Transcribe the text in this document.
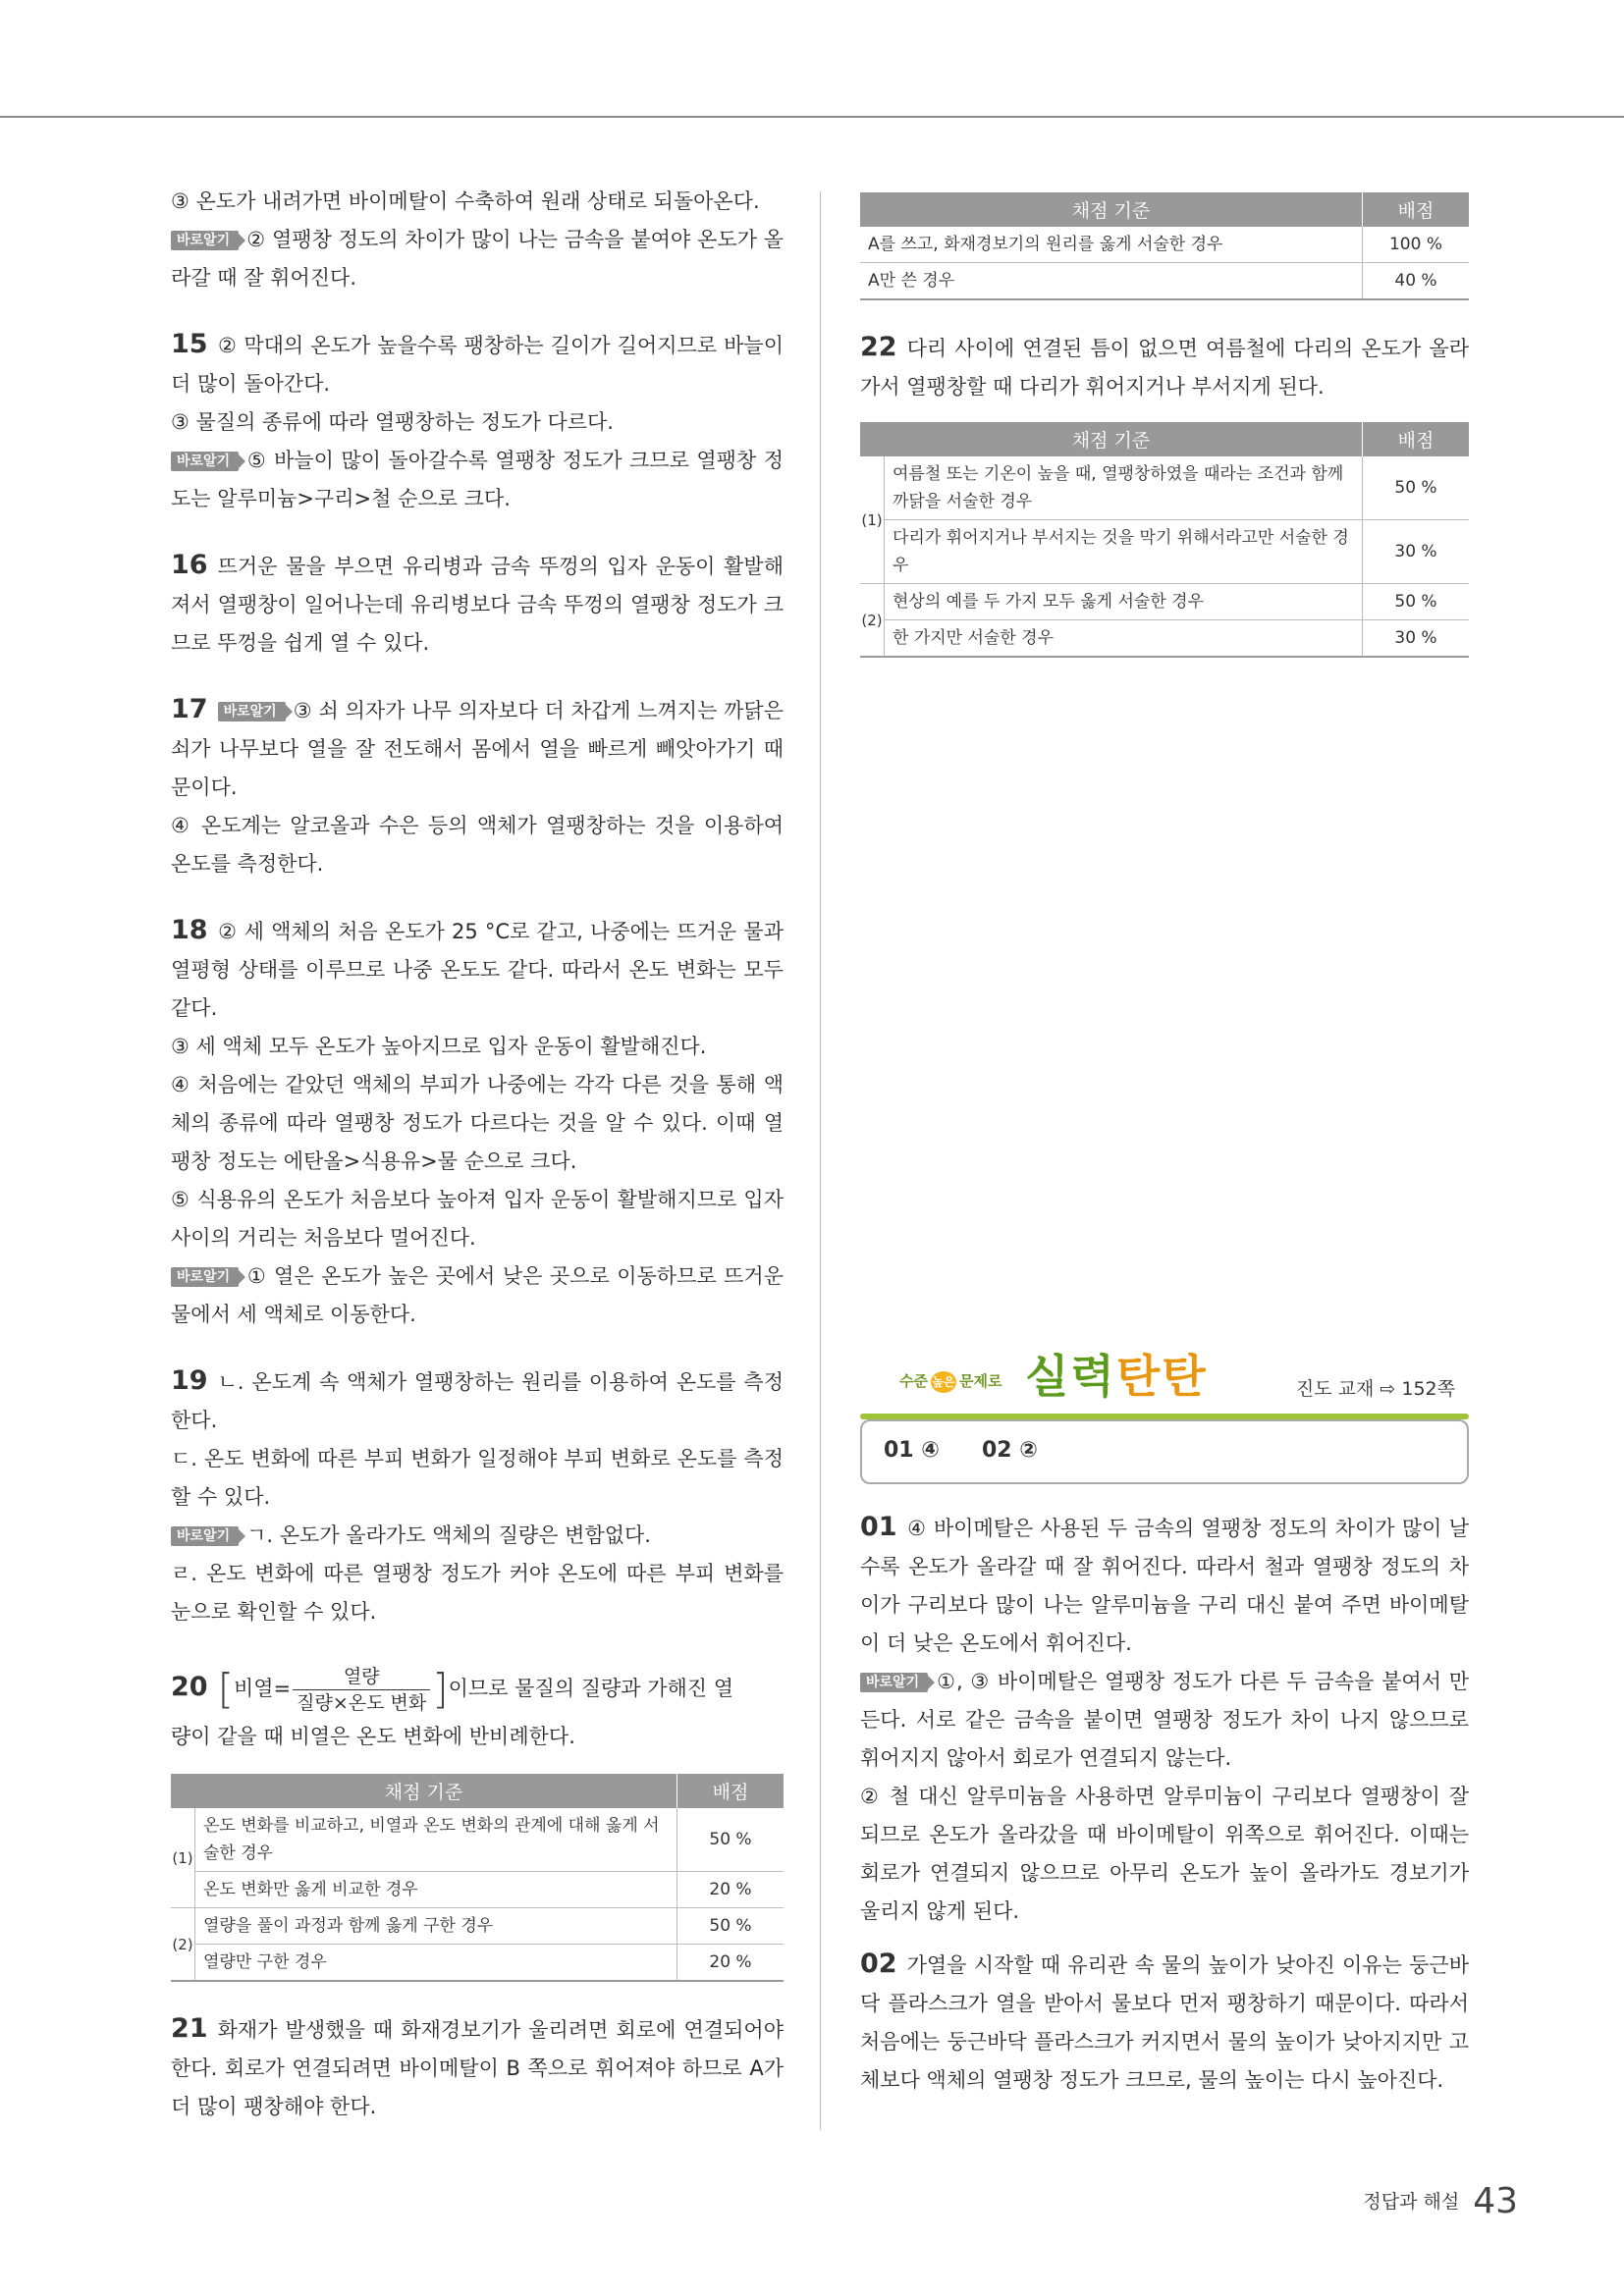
③ 온도가 내려가면 바이메탈이 수축하여 원래 상태로 되돌아온다.

바로알기 ② 열팽창 정도의 차이가 많이 나는 금속을 붙여야 온도가 올라갈 때 잘 휘어진다.

15 ② 막대의 온도가 높을수록 팽창하는 길이가 길어지므로 바늘이 더 많이 돌아간다.

③ 물질의 종류에 따라 열팽창하는 정도가 다르다.

바로알기 ⑤ 바늘이 많이 돌아갈수록 열팽창 정도가 크므로 열팽창 정도는 알루미늄>구리>철 순으로 크다.

16 뜨거운 물을 부으면 유리병과 금속 뚜껑의 입자 운동이 활발해져서 열팽창이 일어나는데 유리병보다 금속 뚜껑의 열팽창 정도가 크므로 뚜껑을 쉽게 열 수 있다.

17 바로알기 ③ 쇠 의자가 나무 의자보다 더 차갑게 느껴지는 까닭은 쇠가 나무보다 열을 잘 전도해서 몸에서 열을 빠르게 빼앗아가기 때문이다.

④ 온도계는 알코올과 수은 등의 액체가 열팽창하는 것을 이용하여 온도를 측정한다.

18 ② 세 액체의 처음 온도가 25 °C로 같고, 나중에는 뜨거운 물과 열평형 상태를 이루므로 나중 온도도 같다. 따라서 온도 변화는 모두 같다.

③ 세 액체 모두 온도가 높아지므로 입자 운동이 활발해진다.

④ 처음에는 같았던 액체의 부피가 나중에는 각각 다른 것을 통해 액체의 종류에 따라 열팽창 정도가 다르다는 것을 알 수 있다. 이때 열팽창 정도는 에탄올>식용유>물 순으로 크다.

⑤ 식용유의 온도가 처음보다 높아져 입자 운동이 활발해지므로 입자 사이의 거리는 처음보다 멀어진다.

바로알기 ① 열은 온도가 높은 곳에서 낮은 곳으로 이동하므로 뜨거운 물에서 세 액체로 이동한다.

19 ㄴ. 온도계 속 액체가 열팽창하는 원리를 이용하여 온도를 측정한다.

ㄷ. 온도 변화에 따른 부피 변화가 일정해야 부피 변화로 온도를 측정할 수 있다.

바로알기 ㄱ. 온도가 올라가도 액체의 질량은 변함없다.

ㄹ. 온도 변화에 따른 열팽창 정도가 커야 온도에 따른 부피 변화를 눈으로 확인할 수 있다.

20 [비열= $\frac{\text{열량}}{\text{질량×온도 변화}}$ ]이므로 물질의 질량과 가해진 열

량이 같을 때 비열은 온도 변화에 반비례한다.

채점 기준		배점
(1)	온도 변화를 비교하고, 비열과 온도 변화의 관계에 대해 옳게 서술한 경우	50 %
	온도 변화만 옳게 비교한 경우	20 %
(2)	열량을 풀이 과정과 함께 옳게 구한 경우	50 %
	열량만 구한 경우	20 %

21 화재가 발생했을 때 화재경보기가 울리려면 회로에 연결되어야 한다. 회로가 연결되려면 바이메탈이 B 쪽으로 휘어져야 하므로 A가 더 많이 팽창해야 한다.

채점 기준	배점
A를 쓰고, 화재경보기의 원리를 옳게 서술한 경우	100 %
A만 쓴 경우	40 %

22 다리 사이에 연결된 틈이 없으면 여름철에 다리의 온도가 올라가서 열팽창할 때 다리가 휘어지거나 부서지게 된다.

채점 기준		배점
(1)	여름철 또는 기온이 높을 때, 열팽창하였을 때라는 조건과 함께 까닭을 서술한 경우	50 %
	다리가 휘어지거나 부서지는 것을 막기 위해서라고만 서술한 경우	30 %
(2)	현상의 예를 두 가지 모두 옳게 서술한 경우	50 %
	한 가지만 서술한 경우	30 %
수준 높은 문제로 실력탄탄	진도 교재 ⇨ 152쪽
01 ④ 02 ②

01 ④ 바이메탈은 사용된 두 금속의 열팽창 정도의 차이가 많이 날수록 온도가 올라갈 때 잘 휘어진다. 따라서 철과 열팽창 정도의 차이가 구리보다 많이 나는 알루미늄을 구리 대신 붙여 주면 바이메탈이 더 낮은 온도에서 휘어진다.

바로알기 ①, ③ 바이메탈은 열팽창 정도가 다른 두 금속을 붙여서 만든다. 서로 같은 금속을 붙이면 열팽창 정도가 차이 나지 않으므로 휘어지지 않아서 회로가 연결되지 않는다.

② 철 대신 알루미늄을 사용하면 알루미늄이 구리보다 열팽창이 잘 되므로 온도가 올라갔을 때 바이메탈이 위쪽으로 휘어진다. 이때는 회로가 연결되지 않으므로 아무리 온도가 높이 올라가도 경보기가 울리지 않게 된다.

02 가열을 시작할 때 유리관 속 물의 높이가 낮아진 이유는 둥근바닥 플라스크가 열을 받아서 물보다 먼저 팽창하기 때문이다. 따라서 처음에는 둥근바닥 플라스크가 커지면서 물의 높이가 낮아지지만 고체보다 액체의 열팽창 정도가 크므로, 물의 높이는 다시 높아진다.

정답과 해설 43
